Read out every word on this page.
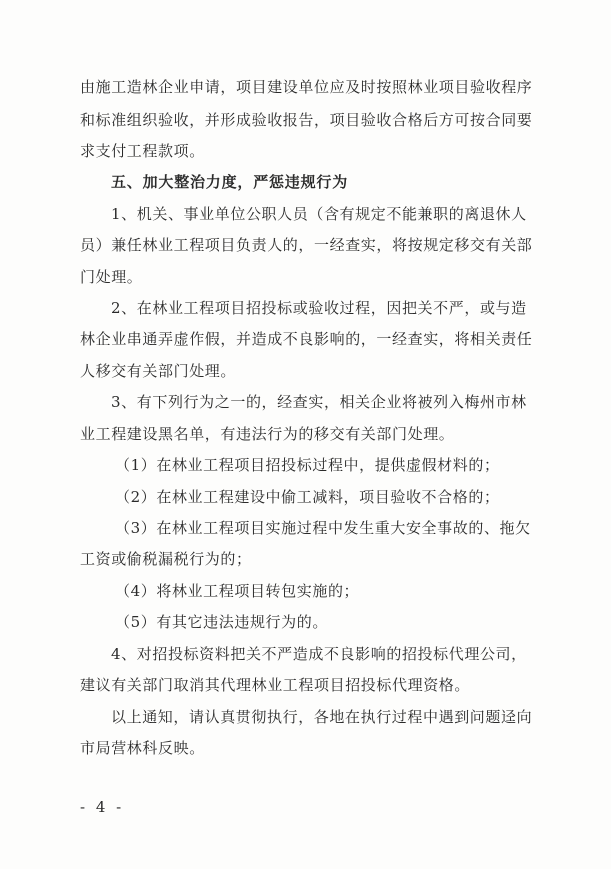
由施工造林企业申请，项目建设单位应及时按照林业项目验收程序

和标准组织验收，并形成验收报告，项目验收合格后方可按合同要

求支付工程款项。

五、加大整治力度，严惩违规行为

1、机关、事业单位公职人员（含有规定不能兼职的离退休人

员）兼任林业工程项目负责人的，一经查实，将按规定移交有关部

门处理。

2、在林业工程项目招投标或验收过程，因把关不严，或与造

林企业串通弄虚作假，并造成不良影响的，一经查实，将相关责任

人移交有关部门处理。

3、有下列行为之一的，经查实，相关企业将被列入梅州市林

业工程建设黑名单，有违法行为的移交有关部门处理。

（1）在林业工程项目招投标过程中，提供虚假材料的；

（2）在林业工程建设中偷工减料，项目验收不合格的；

（3）在林业工程项目实施过程中发生重大安全事故的、拖欠

工资或偷税漏税行为的；

（4）将林业工程项目转包实施的；

（5）有其它违法违规行为的。

4、对招投标资料把关不严造成不良影响的招投标代理公司，

建议有关部门取消其代理林业工程项目招投标代理资格。

以上通知，请认真贯彻执行，各地在执行过程中遇到问题迳向

市局营林科反映。

- 4 -
